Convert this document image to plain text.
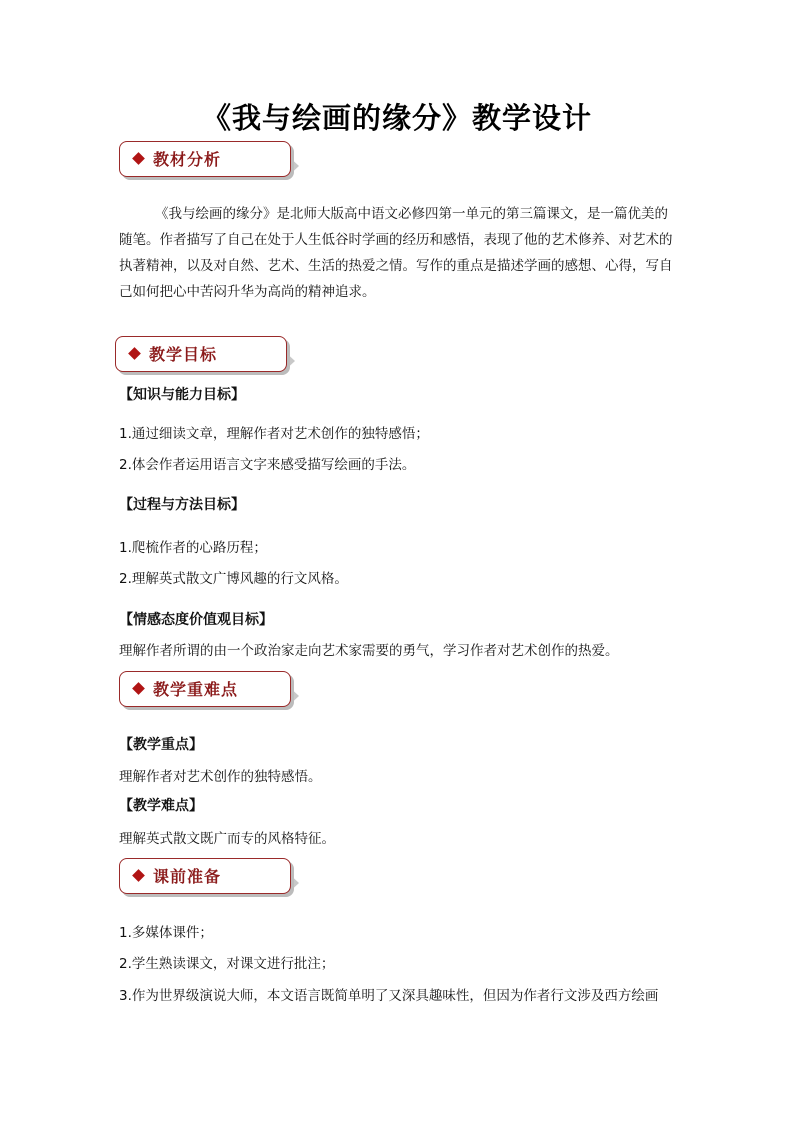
《我与绘画的缘分》教学设计
教材分析
《我与绘画的缘分》是北师大版高中语文必修四第一单元的第三篇课文，是一篇优美的随笔。作者描写了自己在处于人生低谷时学画的经历和感悟，表现了他的艺术修养、对艺术的执著精神，以及对自然、艺术、生活的热爱之情。写作的重点是描述学画的感想、心得，写自己如何把心中苦闷升华为高尚的精神追求。
教学目标
【知识与能力目标】
1.通过细读文章，理解作者对艺术创作的独特感悟；
2.体会作者运用语言文字来感受描写绘画的手法。
【过程与方法目标】
1.爬梳作者的心路历程；
2.理解英式散文广博风趣的行文风格。
【情感态度价值观目标】
理解作者所谓的由一个政治家走向艺术家需要的勇气，学习作者对艺术创作的热爱。
教学重难点
【教学重点】
理解作者对艺术创作的独特感悟。
【教学难点】
理解英式散文既广而专的风格特征。
课前准备
1.多媒体课件；
2.学生熟读课文，对课文进行批注；
3.作为世界级演说大师，本文语言既简单明了又深具趣味性，但因为作者行文涉及西方绘画
